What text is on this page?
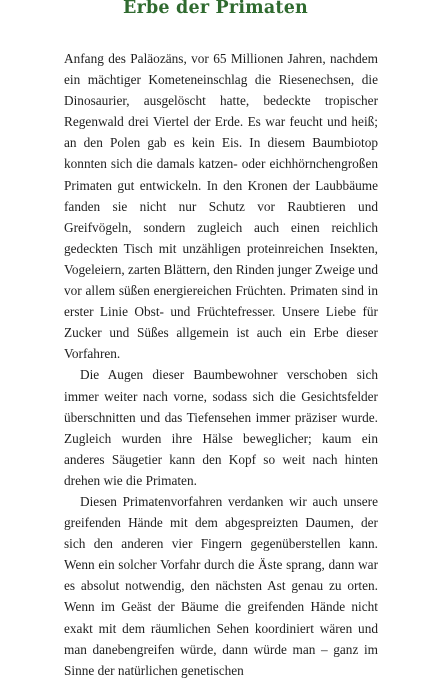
Erbe der Primaten

Anfang des Paläozäns, vor 65 Millionen Jahren, nachdem ein mächtiger Kometeneinschlag die Riesenechsen, die Dinosaurier, ausgelöscht hatte, bedeckte tropischer Regenwald drei Viertel der Erde. Es war feucht und heiß; an den Polen gab es kein Eis. In diesem Baumbiotop konnten sich die damals katzen- oder eichhörnchengroßen Primaten gut entwickeln. In den Kronen der Laubbäume fanden sie nicht nur Schutz vor Raubtieren und Greifvögeln, sondern zugleich auch einen reichlich gedeckten Tisch mit unzähligen proteinreichen Insekten, Vogeleiern, zarten Blättern, den Rinden junger Zweige und vor allem süßen energiereichen Früchten. Primaten sind in erster Linie Obst- und Früchtefresser. Unsere Liebe für Zucker und Süßes allgemein ist auch ein Erbe dieser Vorfahren.

Die Augen dieser Baumbewohner verschoben sich immer weiter nach vorne, sodass sich die Gesichtsfelder überschnitten und das Tiefensehen immer präziser wurde. Zugleich wurden ihre Hälse beweglicher; kaum ein anderes Säugetier kann den Kopf so weit nach hinten drehen wie die Primaten.

Diesen Primatenvorfahren verdanken wir auch unsere greifenden Hände mit dem abgespreizten Daumen, der sich den anderen vier Fingern gegenüberstellen kann. Wenn ein solcher Vorfahr durch die Äste sprang, dann war es absolut notwendig, den nächsten Ast genau zu orten. Wenn im Geäst der Bäume die greifenden Hände nicht exakt mit dem räumlichen Sehen koordiniert wären und man danebengreifen würde, dann würde man – ganz im Sinne der natürlichen genetischen
